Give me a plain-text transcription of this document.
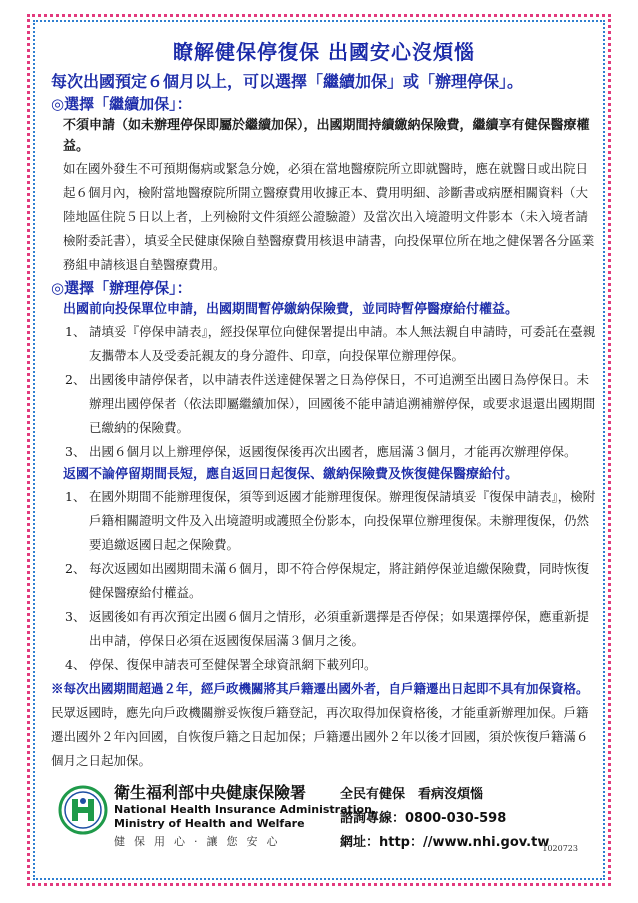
瞭解健保停復保 出國安心沒煩惱

每次出國預定６個月以上，可以選擇「繼續加保」或「辦理停保」。

◎選擇「繼續加保」：

不須申請（如未辦理停保即屬於繼續加保），出國期間持續繳納保險費，繼續享有健保醫療權益。

如在國外發生不可預期傷病或緊急分娩，必須在當地醫療院所立即就醫時，應在就醫日或出院日起６個月內，檢附當地醫療院所開立醫療費用收據正本、費用明細、診斷書或病歷相關資料（大陸地區住院５日以上者，上列檢附文件須經公證驗證）及當次出入境證明文件影本（未入境者請檢附委託書），填妥全民健康保險自墊醫療費用核退申請書，向投保單位所在地之健保署各分區業務組申請核退自墊醫療費用。

◎選擇「辦理停保」：

出國前向投保單位申請，出國期間暫停繳納保險費，並同時暫停醫療給付權益。

1、 請填妥『停保申請表』，經投保單位向健保署提出申請。本人無法親自申請時，可委託在臺親友攜帶本人及受委託親友的身分證件、印章，向投保單位辦理停保。
2、 出國後申請停保者，以申請表件送達健保署之日為停保日，不可追溯至出國日為停保日。未辦理出國停保者（依法即屬繼續加保），回國後不能申請追溯補辦停保，或要求退還出國期間已繳納的保險費。
3、 出國６個月以上辦理停保，返國復保後再次出國者，應屆滿３個月，才能再次辦理停保。

返國不論停留期間長短，應自返回日起復保、繳納保險費及恢復健保醫療給付。

1、 在國外期間不能辦理復保，須等到返國才能辦理復保。辦理復保請填妥『復保申請表』，檢附戶籍相關證明文件及入出境證明或護照全份影本，向投保單位辦理復保。未辦理復保，仍然要追繳返國日起之保險費。
2、 每次返國如出國期間未滿６個月，即不符合停保規定，將註銷停保並追繳保險費，同時恢復健保醫療給付權益。
3、 返國後如有再次預定出國６個月之情形，必須重新選擇是否停保；如果選擇停保，應重新提出申請，停保日必須在返國復保屆滿３個月之後。
4、 停保、復保申請表可至健保署全球資訊網下載列印。

※每次出國期間超過２年，經戶政機關將其戶籍遷出國外者，自戶籍遷出日起即不具有加保資格。民眾返國時，應先向戶政機關辦妥恢復戶籍登記，再次取得加保資格後，才能重新辦理加保。戶籍遷出國外２年內回國，自恢復戶籍之日起加保；戶籍遷出國外２年以後才回國，須於恢復戶籍滿６個月之日起加保。

衛生福利部中央健康保險署
National Health Insurance Administration,
Ministry of Health and Welfare
健保用心‧讓您安心
全民有健保　看病沒煩惱
諮詢專線：0800-030-598
網址：http：//www.nhi.gov.tw
1020723
